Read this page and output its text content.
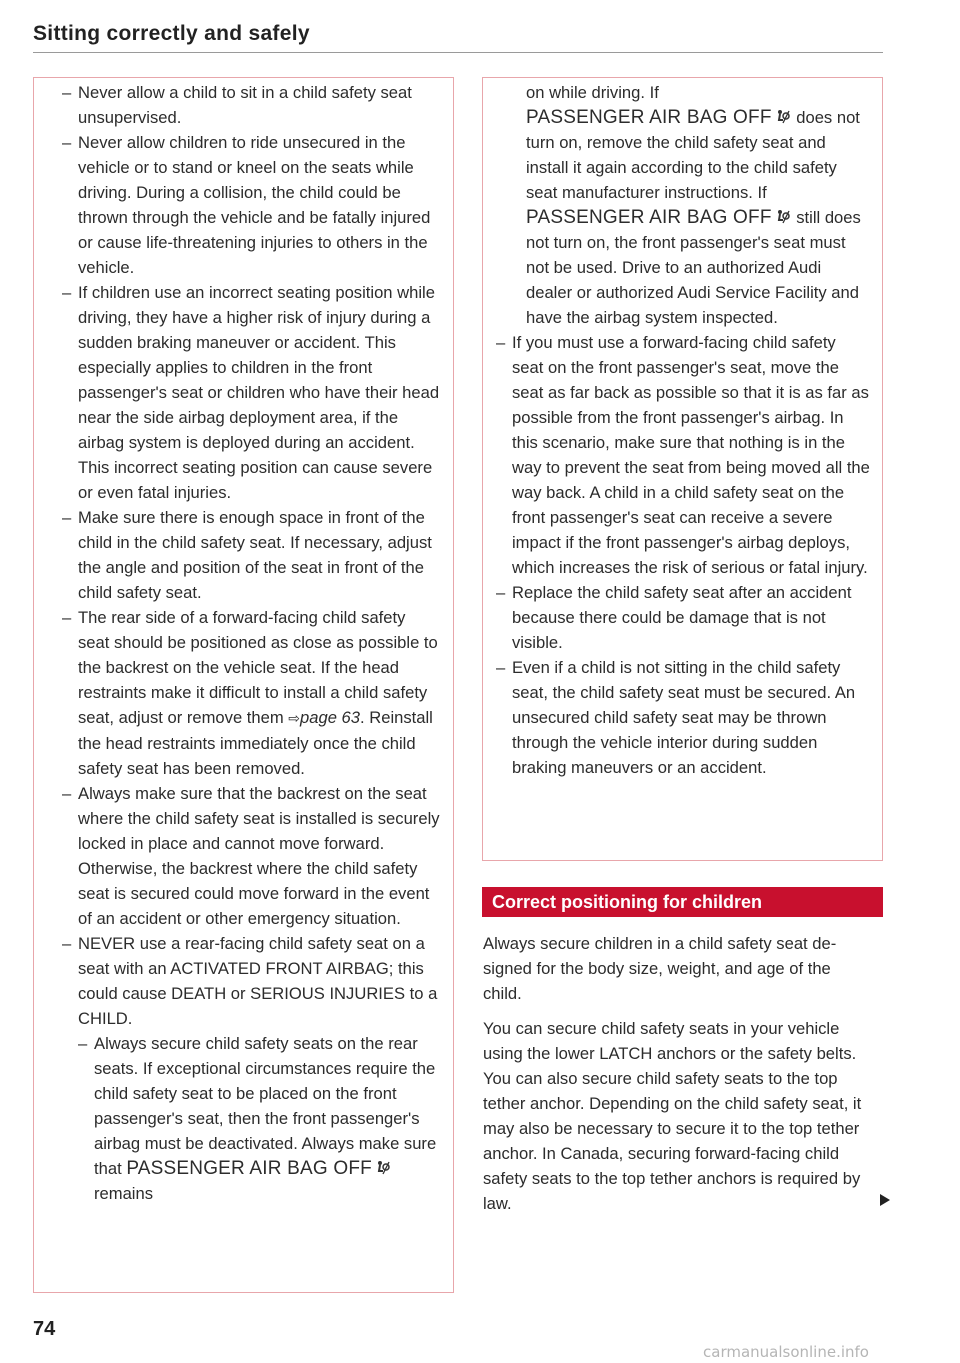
Sitting correctly and safely
– Never allow a child to sit in a child safety seat unsupervised.
– Never allow children to ride unsecured in the vehicle or to stand or kneel on the seats while driving. During a collision, the child could be thrown through the vehicle and be fatally injured or cause life-threatening injuries to others in the vehicle.
– If children use an incorrect seating position while driving, they have a higher risk of injury during a sudden braking maneuver or accident. This especially applies to children in the front passenger's seat or children who have their head near the side airbag deployment area, if the airbag system is deployed during an accident. This incorrect seating position can cause severe or even fatal injuries.
– Make sure there is enough space in front of the child in the child safety seat. If necessary, adjust the angle and position of the seat in front of the child safety seat.
– The rear side of a forward-facing child safety seat should be positioned as close as possible to the backrest on the vehicle seat. If the head restraints make it difficult to install a child safety seat, adjust or remove them ⇨page 63. Reinstall the head restraints immediately once the child safety seat has been removed.
– Always make sure that the backrest on the seat where the child safety seat is installed is securely locked in place and cannot move forward. Otherwise, the backrest where the child safety seat is secured could move forward in the event of an accident or other emergency situation.
– NEVER use a rear-facing child safety seat on a seat with an ACTIVATED FRONT AIRBAG; this could cause DEATH or SERIOUS INJURIES to a CHILD.
– Always secure child safety seats on the rear seats. If exceptional circumstances require the child safety seat to be placed on the front passenger's seat, then the front passenger's airbag must be deactivated. Always make sure that PASSENGER AIR BAG OFF remains
on while driving. If
PASSENGER AIR BAG OFF does not turn on, remove the child safety seat and install it again according to the child safety seat manufacturer instructions. If
PASSENGER AIR BAG OFF still does not turn on, the front passenger's seat must not be used. Drive to an authorized Audi dealer or authorized Audi Service Facility and have the airbag system inspected.
– If you must use a forward-facing child safety seat on the front passenger's seat, move the seat as far back as possible so that it is as far as possible from the front passenger's airbag. In this scenario, make sure that nothing is in the way to prevent the seat from being moved all the way back. A child in a child safety seat on the front passenger's seat can receive a severe impact if the front passenger's airbag deploys, which increases the risk of serious or fatal injury.
– Replace the child safety seat after an accident because there could be damage that is not visible.
– Even if a child is not sitting in the child safety seat, the child safety seat must be secured. An unsecured child safety seat may be thrown through the vehicle interior during sudden braking maneuvers or an accident.
Correct positioning for children

Always secure children in a child safety seat designed for the body size, weight, and age of the child.

You can secure child safety seats in your vehicle using the lower LATCH anchors or the safety belts. You can also secure child safety seats to the top tether anchor. Depending on the child safety seat, it may also be necessary to secure it to the top tether anchor. In Canada, securing forward-facing child safety seats to the top tether anchors is required by law.

74
carmanualsonline.info
